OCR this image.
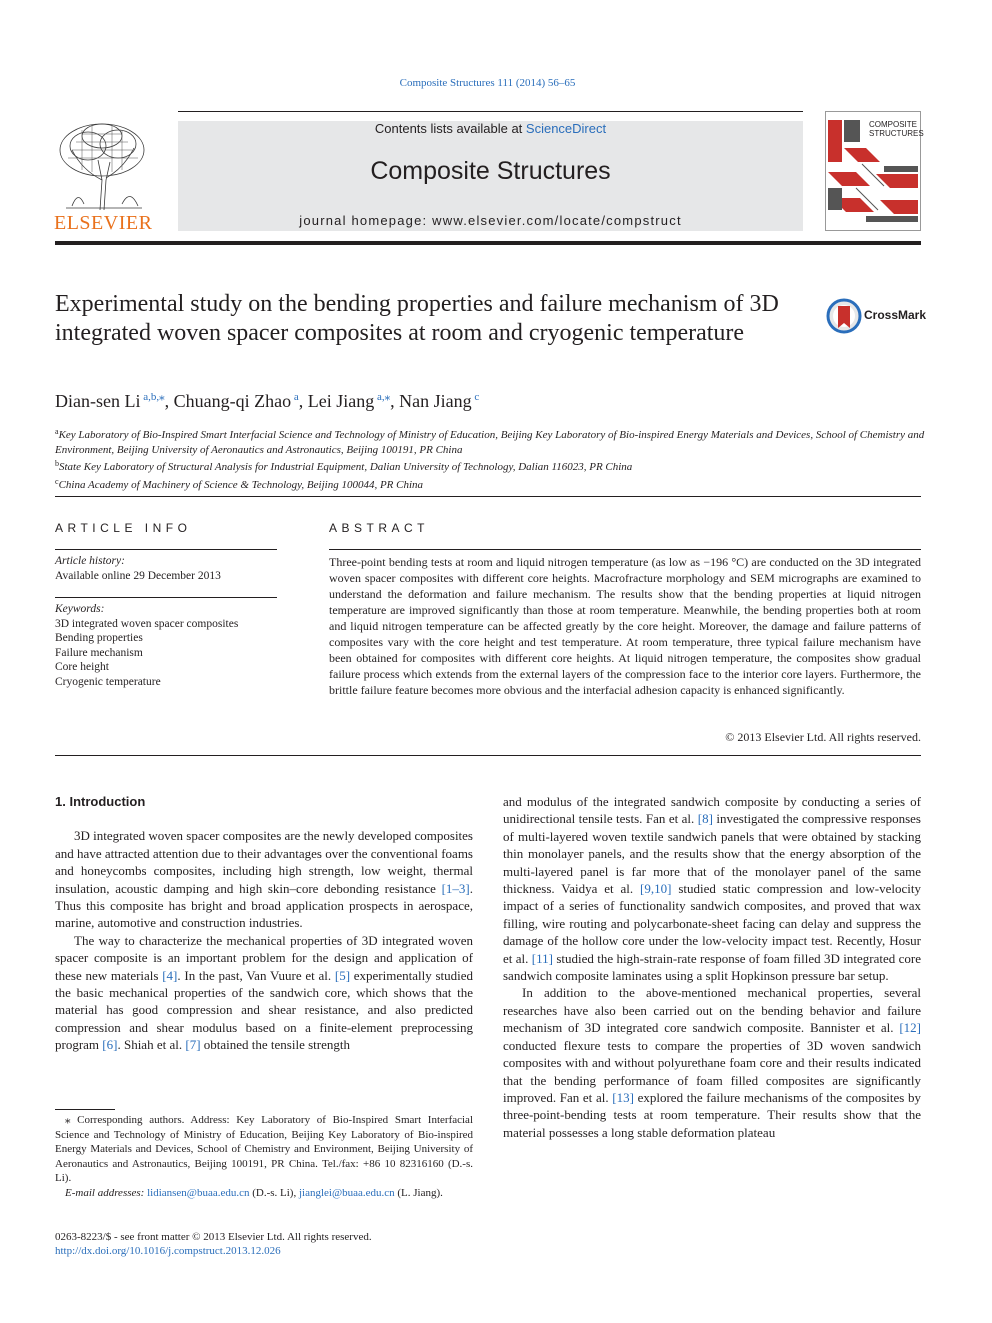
Composite Structures 111 (2014) 56–65
ELSEVIER
Contents lists available at ScienceDirect
Composite Structures
journal homepage: www.elsevier.com/locate/compstruct
COMPOSITE
STRUCTURES
Experimental study on the bending properties and failure mechanism of 3D integrated woven spacer composites at room and cryogenic temperature
CrossMark
Dian-sen Li $^{a,b,⁎}$, Chuang-qi Zhao $^a$, Lei Jiang $^{a,⁎}$, Nan Jiang $^c$
$^a$Key Laboratory of Bio-Inspired Smart Interfacial Science and Technology of Ministry of Education, Beijing Key Laboratory of Bio-inspired Energy Materials and Devices, School of Chemistry and Environment, Beijing University of Aeronautics and Astronautics, Beijing 100191, PR China
$^b$State Key Laboratory of Structural Analysis for Industrial Equipment, Dalian University of Technology, Dalian 116023, PR China
$^c$China Academy of Machinery of Science & Technology, Beijing 100044, PR China
ARTICLE INFO
Article history:
Available online 29 December 2013
Keywords:
3D integrated woven spacer composites
Bending properties
Failure mechanism
Core height
Cryogenic temperature
ABSTRACT
Three-point bending tests at room and liquid nitrogen temperature (as low as −196 °C) are conducted on the 3D integrated woven spacer composites with different core heights. Macrofracture morphology and SEM micrographs are examined to understand the deformation and failure mechanism. The results show that the bending properties at liquid nitrogen temperature are improved significantly than those at room temperature. Meanwhile, the bending properties both at room and liquid nitrogen temperature can be affected greatly by the core height. Moreover, the damage and failure patterns of composites vary with the core height and test temperature. At room temperature, three typical failure mechanism have been obtained for composites with different core heights. At liquid nitrogen temperature, the composites show gradual failure process which extends from the external layers of the compression face to the interior core layers. Furthermore, the brittle failure feature becomes more obvious and the interfacial adhesion capacity is enhanced significantly.
© 2013 Elsevier Ltd. All rights reserved.
1. Introduction

3D integrated woven spacer composites are the newly developed composites and have attracted attention due to their advantages over the conventional foams and honeycombs composites, including high strength, low weight, thermal insulation, acoustic damping and high skin–core debonding resistance [1–3]. Thus this composite has bright and broad application prospects in aerospace, marine, automotive and construction industries.

The way to characterize the mechanical properties of 3D integrated woven spacer composite is an important problem for the design and application of these new materials [4]. In the past, Van Vuure et al. [5] experimentally studied the basic mechanical properties of the sandwich core, which shows that the material has good compression and shear resistance, and also predicted compression and shear modulus based on a finite-element preprocessing program [6]. Shiah et al. [7] obtained the tensile strength

and modulus of the integrated sandwich composite by conducting a series of unidirectional tensile tests. Fan et al. [8] investigated the compressive responses of multi-layered woven textile sandwich panels that were obtained by stacking thin monolayer panels, and the results show that the energy absorption of the multi-layered panel is far more that of the monolayer panel of the same thickness. Vaidya et al. [9,10] studied static compression and low-velocity impact of a series of functionality sandwich composites, and proved that wax filling, wire routing and polycarbonate-sheet facing can delay and suppress the damage of the hollow core under the low-velocity impact test. Recently, Hosur et al. [11] studied the high-strain-rate response of foam filled 3D integrated core sandwich composite laminates using a split Hopkinson pressure bar setup.

In addition to the above-mentioned mechanical properties, several researches have also been carried out on the bending behavior and failure mechanism of 3D integrated core sandwich composite. Bannister et al. [12] conducted flexure tests to compare the properties of 3D woven sandwich composites with and without polyurethane foam core and their results indicated that the bending performance of foam filled composites are significantly improved. Fan et al. [13] explored the failure mechanisms of the composites by three-point-bending tests at room temperature. Their results show that the material possesses a long stable deformation plateau

⁎ Corresponding authors. Address: Key Laboratory of Bio-Inspired Smart Interfacial Science and Technology of Ministry of Education, Beijing Key Laboratory of Bio-inspired Energy Materials and Devices, School of Chemistry and Environment, Beijing University of Aeronautics and Astronautics, Beijing 100191, PR China. Tel./fax: +86 10 82316160 (D.-s. Li).

E-mail addresses: lidiansen@buaa.edu.cn (D.-s. Li), jianglei@buaa.edu.cn (L. Jiang).

0263-8223/$ - see front matter © 2013 Elsevier Ltd. All rights reserved.
http://dx.doi.org/10.1016/j.compstruct.2013.12.026
